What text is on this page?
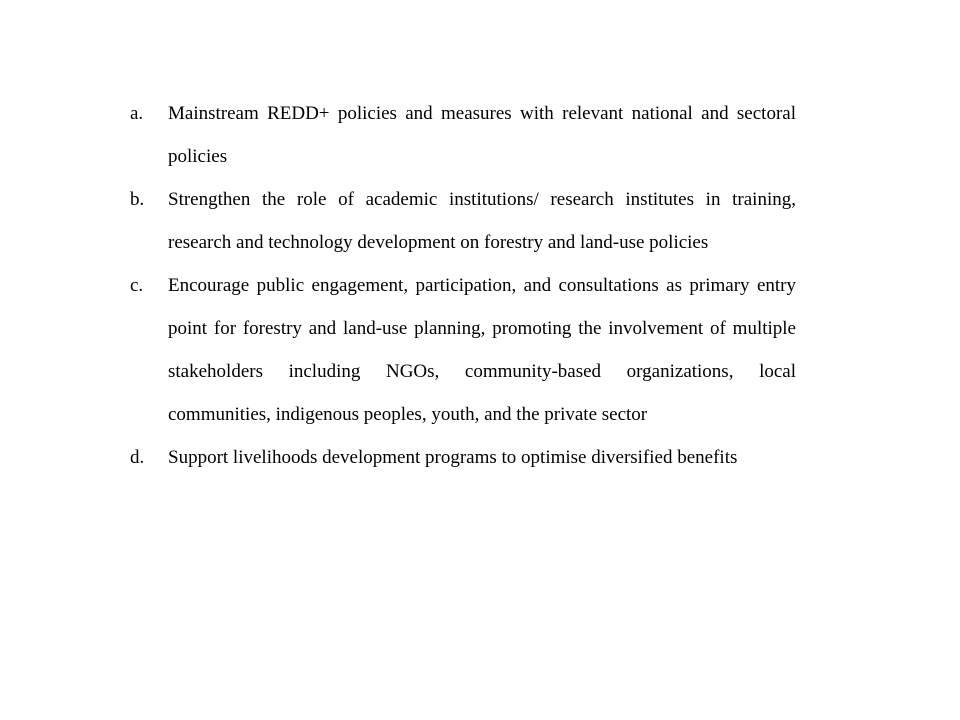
a. Mainstream REDD+ policies and measures with relevant national and sectoral policies
b. Strengthen the role of academic institutions/ research institutes in training, research and technology development on forestry and land-use policies
c. Encourage public engagement, participation, and consultations as primary entry point for forestry and land-use planning, promoting the involvement of multiple stakeholders including NGOs, community-based organizations, local communities, indigenous peoples, youth, and the private sector
d. Support livelihoods development programs to optimise diversified benefits
